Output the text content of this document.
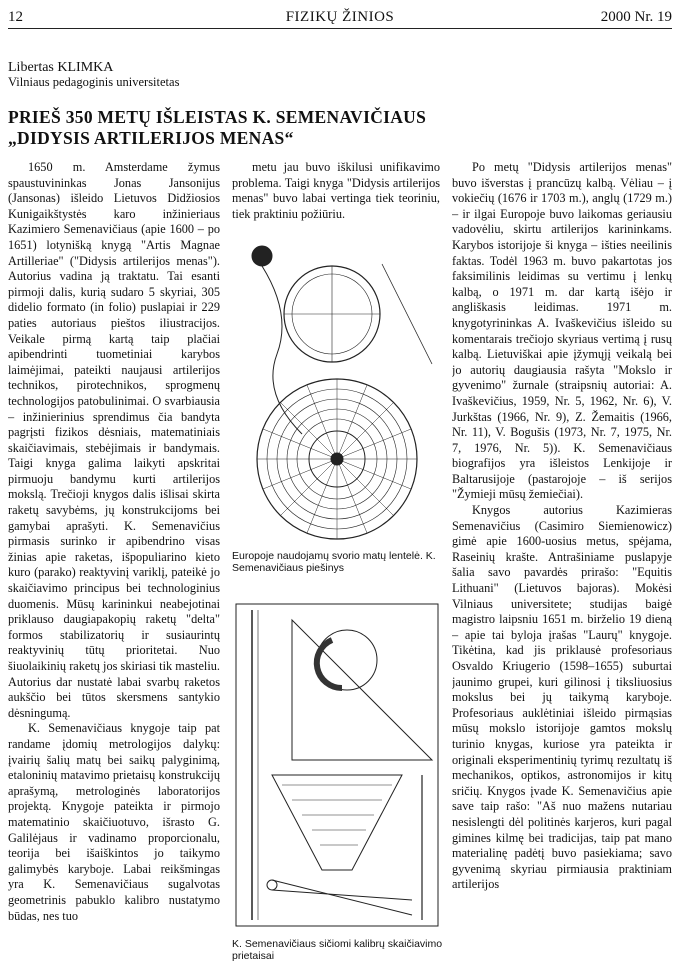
12	FIZIKŲ ŽINIOS	2000 Nr. 19
Libertas KLIMKA
Vilniaus pedagoginis universitetas
PRIEŠ 350 METŲ IŠLEISTAS K. SEMENAVIČIAUS
„DIDYSIS ARTILERIJOS MENAS“

1650 m. Amsterdame žymus spaustuvininkas Jonas Jansonijus (Jansonas) išleido Lietuvos Didžiosios Kunigaikštystės karo inžinieriaus Kazimiero Semenavičiaus (apie 1600 – po 1651) lotynišką knygą "Artis Magnae Artilleriae" ("Didysis artilerijos menas"). Autorius vadina ją traktatu. Tai esanti pirmoji dalis, kurią sudaro 5 skyriai, 305 didelio formato (in folio) puslapiai ir 229 paties autoriaus pieštos iliustracijos. Veikale pirmą kartą taip plačiai apibendrinti tuometiniai karybos laimėjimai, pateikti naujausi artilerijos technikos, pirotechnikos, sprogmenų technologijos patobulinimai. O svarbiausia – inžinierinius sprendimus čia bandyta pagrįsti fizikos dėsniais, matematiniais skaičiavimais, stebėjimais ir bandymais. Taigi knyga galima laikyti apskritai pirmuoju bandymu kurti artilerijos mokslą. Trečioji knygos dalis išlisai skirta raketų savybėms, jų konstrukcijoms bei gamybai aprašyti. K. Semenavičius pirmasis surinko ir apibendrino visas žinias apie raketas, išpopuliarino kieto kuro (parako) reaktyvinį variklį, pateikė jo skaičiavimo principus bei technologinius duomenis. Mūsų karininkui neabejotinai priklauso daugiapakopių raketų "delta" formos stabilizatorių ir susiaurintų reaktyvinių tūtų prioritetai. Nuo šiuolaikinių raketų jos skiriasi tik masteliu. Autorius dar nustatė labai svarbų raketos aukščio bei tūtos skersmens santykio dėsningumą.

K. Semenavičiaus knygoje taip pat randame įdomių metrologijos dalykų: įvairių šalių matų bei saikų palyginimą, etaloninių matavimo prietaisų konstrukcijų aprašymą, metrologinės laboratorijos projektą. Knygoje pateikta ir pirmojo matematinio skaičiuotuvo, išrasto G. Galilėjaus ir vadinamo proporcionalu, teorija bei išaiškintos jo taikymo galimybės karyboje. Labai reikšmingas yra K. Semenavičiaus sugalvotas geometrinis pabuklo kalibro nustatymo būdas, nes tuo

metu jau buvo iškilusi unifikavimo problema. Taigi knyga "Didysis artilerijos menas" buvo labai vertinga tiek teoriniu, tiek praktiniu požiūriu.

Europoje naudojamų svorio matų lentelė. K. Semenavičiaus piešinys
K. Semenavičiaus sičiomi kalibrų skaičiavimo prietaisai

Po metų "Didysis artilerijos menas" buvo išverstas į prancūzų kalbą. Vėliau – į vokiečių (1676 ir 1703 m.), anglų (1729 m.) – ir ilgai Europoje buvo laikomas geriausiu vadovėliu, skirtu artilerijos karininkams. Karybos istorijoje ši knyga – išties neeilinis faktas. Todėl 1963 m. buvo pakartotas jos faksimilinis leidimas su vertimu į lenkų kalbą, o 1971 m. dar kartą išėjo ir angliškasis leidimas. 1971 m. knygotyrininkas A. Ivaškevičius išleido su komentarais trečiojo skyriaus vertimą į rusų kalbą. Lietuviškai apie įžymųjį veikalą bei jo autorių daugiausia rašyta "Mokslo ir gyvenimo" žurnale (straipsnių autoriai: A. Ivaškevičius, 1959, Nr. 5, 1962, Nr. 6), V. Jurkštas (1966, Nr. 9), Z. Žemaitis (1966, Nr. 11), V. Bogušis (1973, Nr. 7, 1975, Nr. 7, 1976, Nr. 5)). K. Semenavičiaus biografijos yra išleistos Lenkijoje ir Baltarusijoje (pastarojoje – iš serijos "Žymieji mūsų žemiečiai).

Knygos autorius Kazimieras Semenavičius (Casimiro Siemienowicz) gimė apie 1600-uosius metus, spėjama, Raseinių krašte. Antrašiniame puslapyje šalia savo pavardės prirašo: "Equitis Lithuani" (Lietuvos bajoras). Mokėsi Vilniaus universitete; studijas baigė magistro laipsniu 1651 m. birželio 19 dieną – apie tai byloja įrašas "Laurų" knygoje. Tikėtina, kad jis priklausė profesoriaus Osvaldo Kriugerio (1598–1655) suburtai jaunimo grupei, kuri gilinosi į tiksliuosius mokslus bei jų taikymą karyboje. Profesoriaus auklėtiniai išleido pirmąsias mūsų mokslo istorijoje gamtos mokslų turinio knygas, kuriose yra pateikta ir originali eksperimentinių tyrimų rezultatų iš mechanikos, optikos, astronomijos ir kitų sričių. Knygos įvade K. Semenavičius apie save taip rašo: "Aš nuo mažens nutariau nesislengti dėl politinės karjeros, kuri pagal gimines kilmę bei tradicijas, taip pat mano materialinę padėtį buvo pasiekiama; savo gyvenimą skyriau pirmiausia praktiniam artilerijos
